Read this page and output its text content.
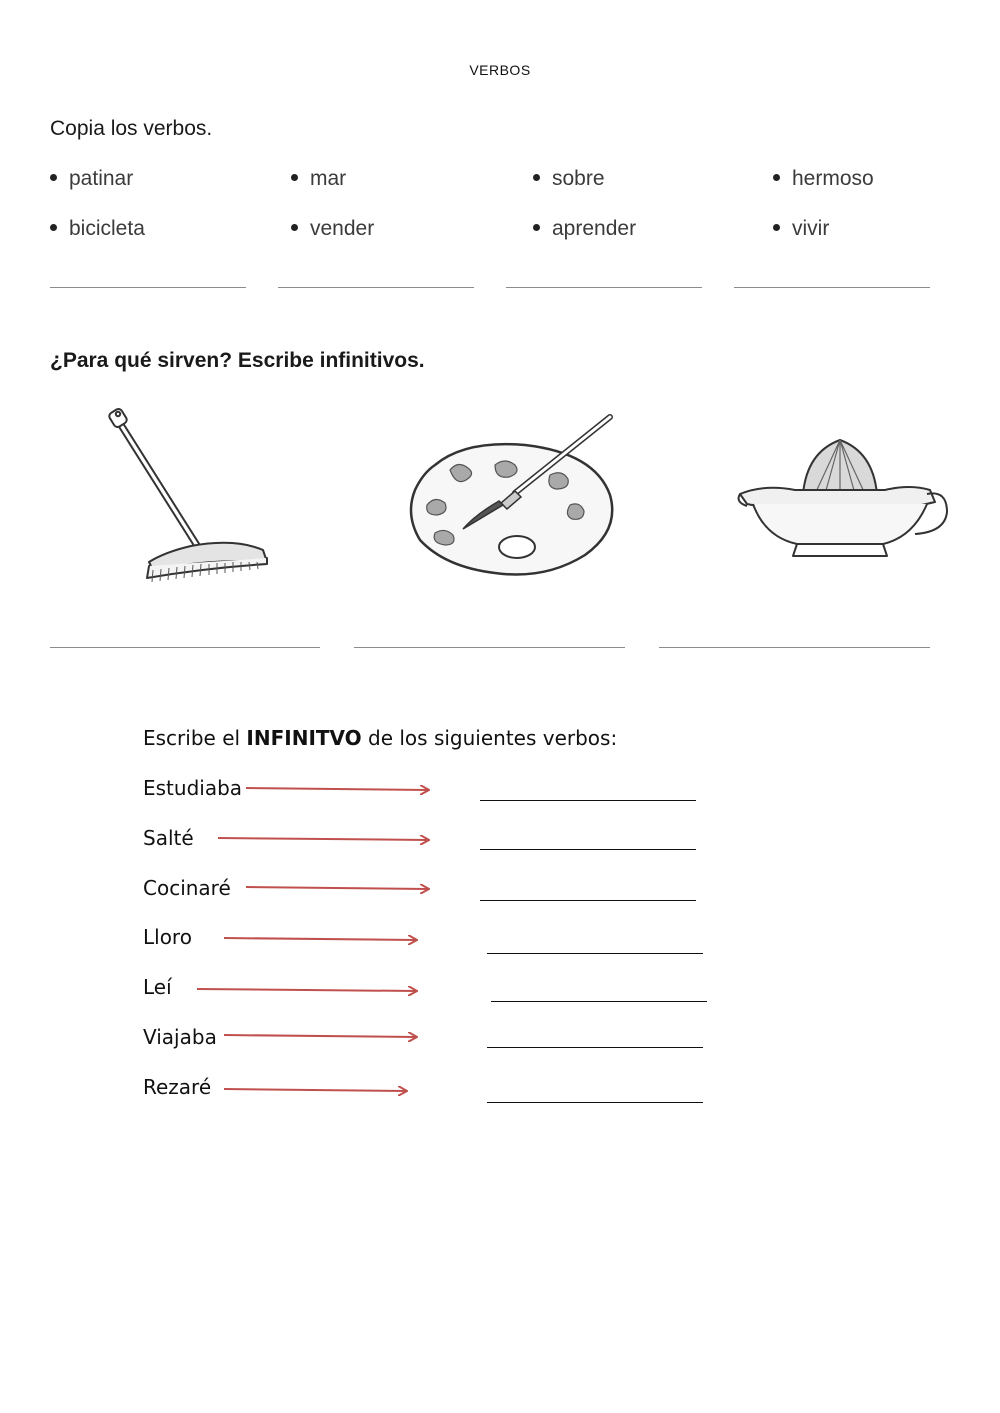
VERBOS
Copia los verbos.
patinar	mar	sobre	hermoso
bicicleta	vender	aprender	vivir
¿Para qué sirven? Escribe infinitivos.
Escribe el INFINITVO de los siguientes verbos:
Estudiaba
Salté
Cocinaré
Lloro
Leí
Viajaba
Rezaré
